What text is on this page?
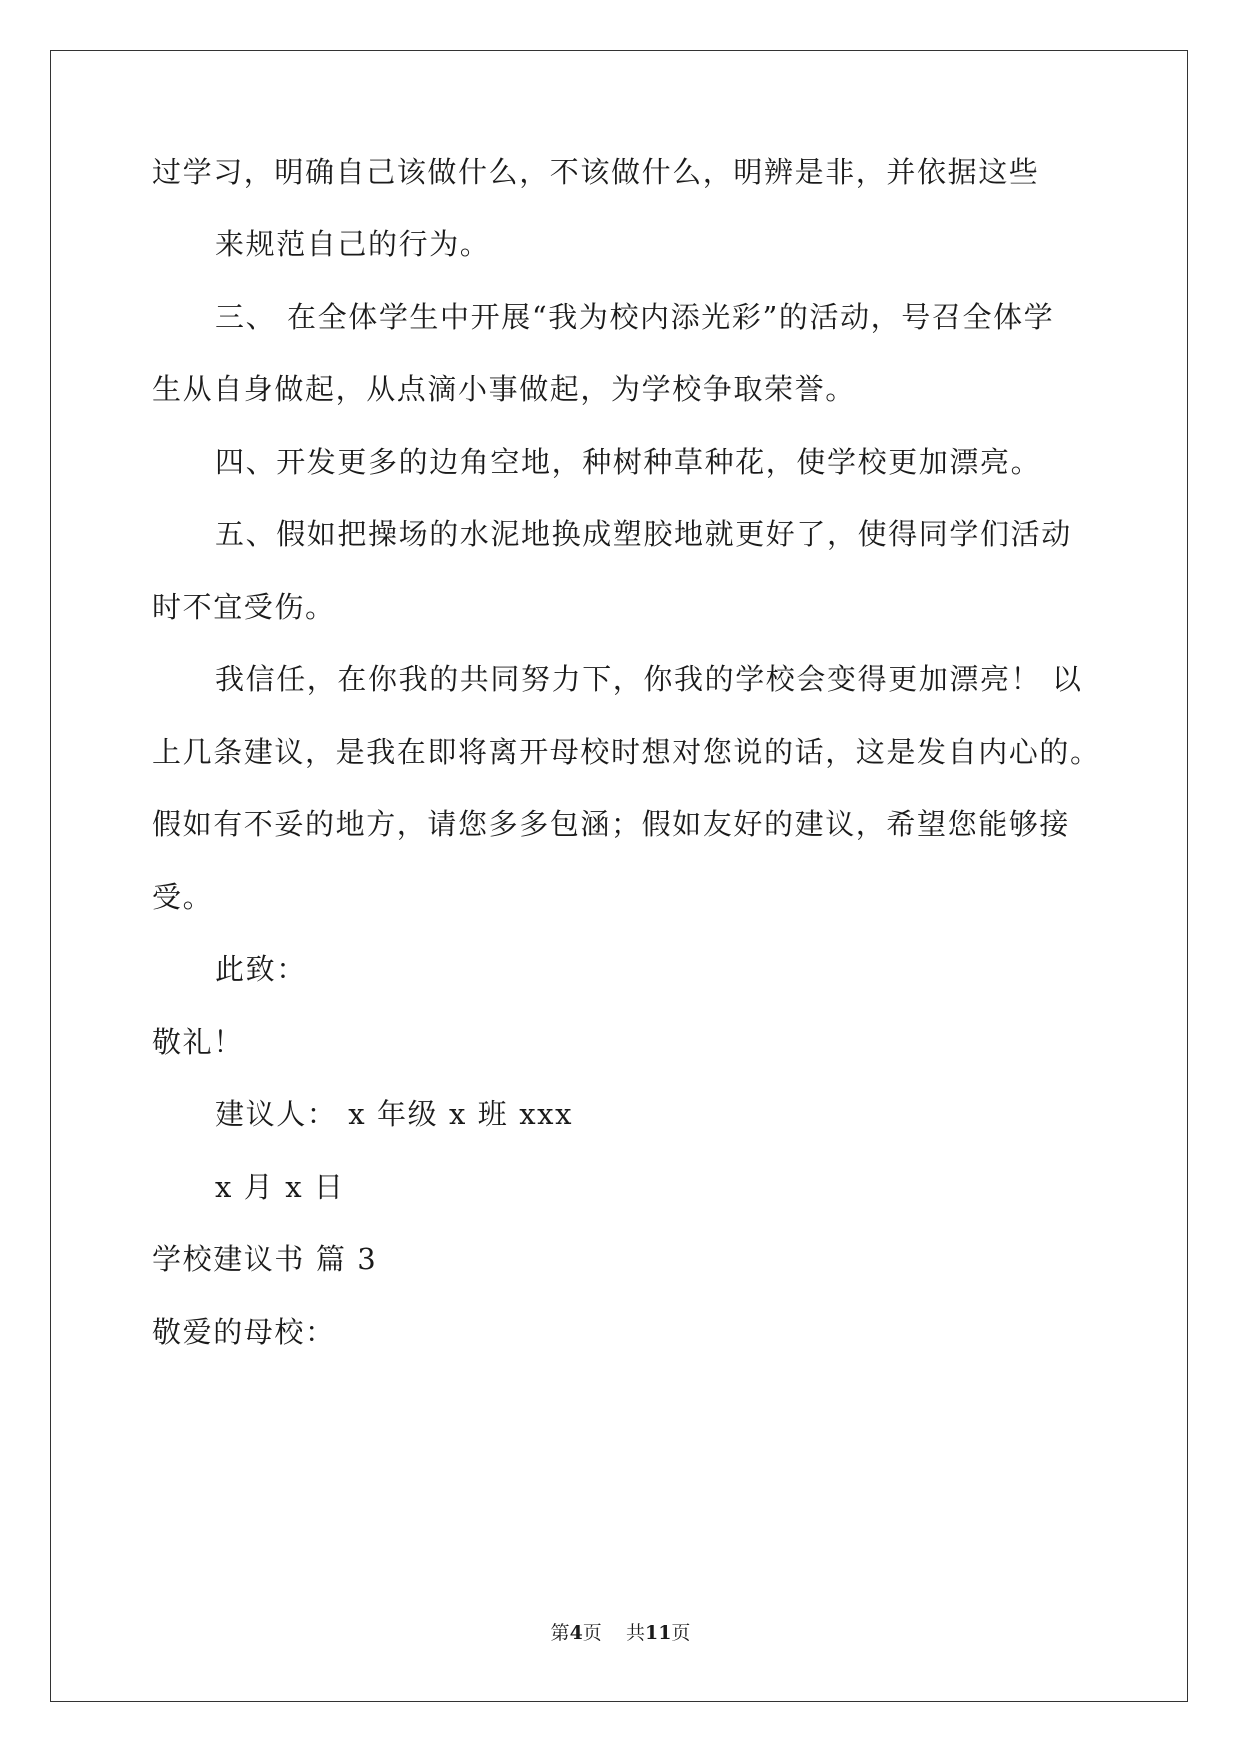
过学习，明确自己该做什么，不该做什么，明辨是非，并依据这些
来规范自己的行为。
三、 在全体学生中开展“我为校内添光彩”的活动，号召全体学
生从自身做起，从点滴小事做起，为学校争取荣誉。
四、开发更多的边角空地，种树种草种花，使学校更加漂亮。
五、假如把操场的水泥地换成塑胶地就更好了，使得同学们活动
时不宜受伤。
我信任，在你我的共同努力下，你我的学校会变得更加漂亮！ 以
上几条建议，是我在即将离开母校时想对您说的话，这是发自内心的。
假如有不妥的地方，请您多多包涵；假如友好的建议，希望您能够接
受。
此致：
敬礼！
建议人： x 年级 x 班 xxx
x 月 x 日
学校建议书 篇 3
敬爱的母校：
第4页    共11页
